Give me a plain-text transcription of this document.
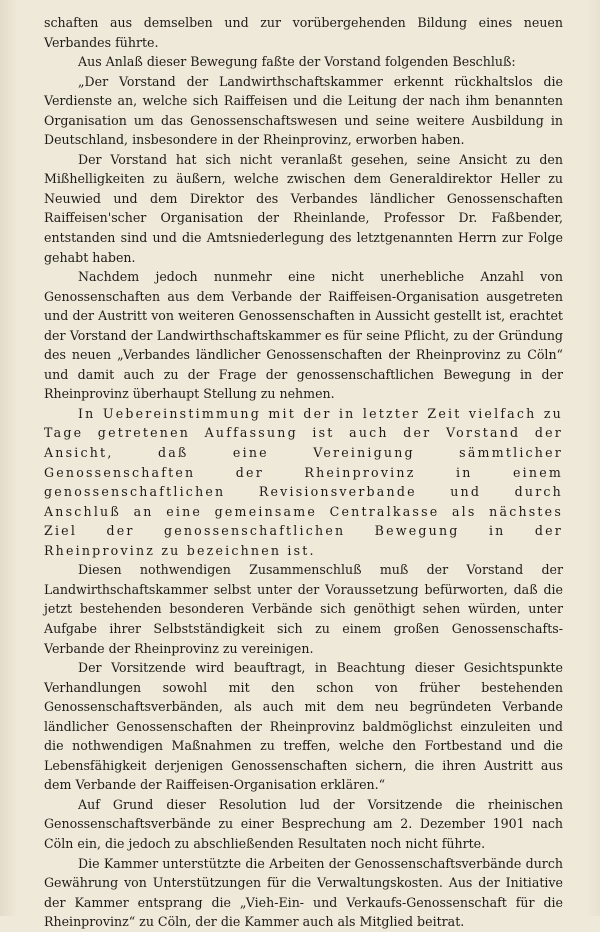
schaften aus demselben und zur vorübergehenden Bildung eines neuen Verbandes führte.

Aus Anlaß dieser Bewegung faßte der Vorstand folgenden Beschluß:

„Der Vorstand der Landwirthschaftskammer erkennt rückhaltslos die Verdienste an, welche sich Raiffeisen und die Leitung der nach ihm benannten Organisation um das Genossenschaftswesen und seine weitere Ausbildung in Deutschland, insbesondere in der Rheinprovinz, erworben haben.

Der Vorstand hat sich nicht veranlaßt gesehen, seine Ansicht zu den Mißhelligkeiten zu äußern, welche zwischen dem Generaldirektor Heller zu Neuwied und dem Direktor des Verbandes ländlicher Genossenschaften Raiffeisen'scher Organisation der Rheinlande, Professor Dr. Faßbender, entstanden sind und die Amtsniederlegung des letztgenannten Herrn zur Folge gehabt haben.

Nachdem jedoch nunmehr eine nicht unerhebliche Anzahl von Genossenschaften aus dem Verbande der Raiffeisen-Organisation ausgetreten und der Austritt von weiteren Genossenschaften in Aussicht gestellt ist, erachtet der Vorstand der Landwirthschaftskammer es für seine Pflicht, zu der Gründung des neuen „Verbandes ländlicher Genossenschaften der Rheinprovinz zu Cöln“ und damit auch zu der Frage der genossenschaftlichen Bewegung in der Rheinprovinz überhaupt Stellung zu nehmen.

In Uebereinstimmung mit der in letzter Zeit vielfach zu Tage getretenen Auffassung ist auch der Vorstand der Ansicht, daß eine Vereinigung sämmtlicher Genossenschaften der Rheinprovinz in einem genossenschaftlichen Revisionsverbande und durch Anschluß an eine gemeinsame Centralkasse als nächstes Ziel der genossenschaftlichen Bewegung in der Rheinprovinz zu bezeichnen ist.

Diesen nothwendigen Zusammenschluß muß der Vorstand der Landwirthschaftskammer selbst unter der Voraussetzung befürworten, daß die jetzt bestehenden besonderen Verbände sich genöthigt sehen würden, unter Aufgabe ihrer Selbstständigkeit sich zu einem großen Genossenschafts-Verbande der Rheinprovinz zu vereinigen.

Der Vorsitzende wird beauftragt, in Beachtung dieser Gesichtspunkte Verhandlungen sowohl mit den schon von früher bestehenden Genossenschaftsverbänden, als auch mit dem neu begründeten Verbande ländlicher Genossenschaften der Rheinprovinz baldmöglichst einzuleiten und die nothwendigen Maßnahmen zu treffen, welche den Fortbestand und die Lebensfähigkeit derjenigen Genossenschaften sichern, die ihren Austritt aus dem Verbande der Raiffeisen-Organisation erklären.“

Auf Grund dieser Resolution lud der Vorsitzende die rheinischen Genossenschaftsverbände zu einer Besprechung am 2. Dezember 1901 nach Cöln ein, die jedoch zu abschließenden Resultaten noch nicht führte.

Die Kammer unterstützte die Arbeiten der Genossenschaftsverbände durch Gewährung von Unterstützungen für die Verwaltungskosten. Aus der Initiative der Kammer entsprang die „Vieh-Ein- und Verkaufs-Genossenschaft für die Rheinprovinz“ zu Cöln, der die Kammer auch als Mitglied beitrat.
